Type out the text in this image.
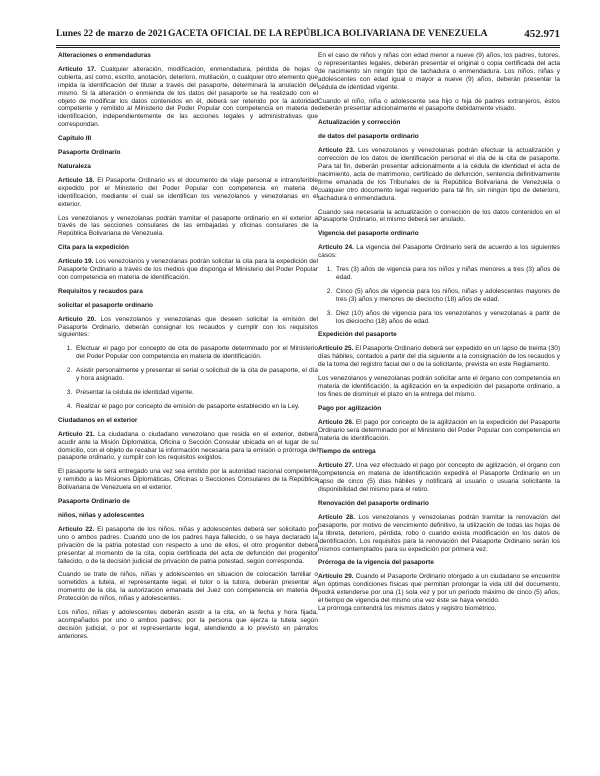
Lunes 22 de marzo de 2021 GACETA OFICIAL DE LA REPÚBLICA BOLIVARIANA DE VENEZUELA	452.971

Alteraciones o enmendaduras

Artículo 17. Cualquier alteración, modificación, enmendadura, pérdida de hojas o cubierta, así como, escrito, anotación, deterioro, mutilación, o cualquier otro elemento que impida la identificación del titular a través del pasaporte, determinará la anulación del mismo. Si la alteración o enmienda de los datos del pasaporte se ha realizado con el objeto de modificar los datos contenidos en él, deberá ser retenido por la autoridad competente y remitido al Ministerio del Poder Popular con competencia en materia de identificación, independientemente de las acciones legales y administrativas que correspondan.

Capítulo III

Pasaporte Ordinario

Naturaleza

Artículo 18. El Pasaporte Ordinario es el documento de viaje personal e intransferible expedido por el Ministerio del Poder Popular con competencia en materia de identificación, mediante el cual se identifican los venezolanos y venezolanas en el exterior.

Los venezolanos y venezolanas podrán tramitar el pasaporte ordinario en el exterior a través de las secciones consulares de las embajadas y oficinas consulares de la República Bolivariana de Venezuela.

Cita para la expedición

Artículo 19. Los venezolanos y venezolanas podrán solicitar la cita para la expedición del Pasaporte Ordinario a través de los medios que disponga el Ministerio del Poder Popular con competencia en materia de identificación.

Requisitos y recaudos para

solicitar el pasaporte ordinario

Artículo 20. Los venezolanos y venezolanas que deseen solicitar la emisión del Pasaporte Ordinario, deberán consignar los recaudos y cumplir con los requisitos siguientes:

1. Efectuar el pago por concepto de cita de pasaporte determinado por el Ministerio del Poder Popular con competencia en materia de identificación.
2. Asistir personalmente y presentar el serial o solicitud de la cita de pasaporte, el día y hora asignado.
3. Presentar la cédula de identidad vigente.
4. Realizar el pago por concepto de emisión de pasaporte establecido en la Ley.

Ciudadanos en el exterior

Artículo 21. La ciudadana o ciudadano venezolano que resida en el exterior, deberá acudir ante la Misión Diplomática, Oficina o Sección Consular ubicada en el lugar de su domicilio, con el objeto de recabar la información necesaria para la emisión o prórroga del pasaporte ordinario, y cumplir con los requisitos exigidos.

El pasaporte le será entregado una vez sea emitido por la autoridad nacional competente y remitido a las Misiones Diplomáticas, Oficinas o Secciones Consulares de la República Bolivariana de Venezuela en el exterior.

Pasaporte Ordinario de

niños, niñas y adolescentes

Artículo 22. El pasaporte de los niños, niñas y adolescentes deberá ser solicitado por uno o ambos padres. Cuando uno de los padres haya fallecido, o se haya declarado la privación de la patria potestad con respecto a uno de ellos, el otro progenitor deberá presentar al momento de la cita, copia certificada del acta de defunción del progenitor fallecido, o de la decisión judicial de privación de patria potestad, según corresponda.

Cuando se trate de niños, niñas y adolescentes en situación de colocación familiar o sometidos a tutela, el representante legal, el tutor o la tutora, deberán presentar al momento de la cita, la autorización emanada del Juez con competencia en materia de Protección de niños, niñas y adolescentes.

Los niños, niñas y adolescentes deberán asistir a la cita, en la fecha y hora fijada, acompañados por uno o ambos padres; por la persona que ejerza la tutela según decisión judicial, o por el representante legal, atendiendo a lo previsto en párrafos anteriores.

En el caso de niños y niñas con edad menor a nueve (9) años, los padres, tutores, o representantes legales, deberán presentar el original o copia certificada del acta de nacimiento sin ningún tipo de tachadura o enmendadura. Los niños, niñas y adolescentes con edad igual o mayor a nueve (9) años, deberán presentar la cédula de identidad vigente.

Cuando el niño, niña o adolescente sea hijo o hija de padres extranjeros, éstos deberán presentar adicionalmente el pasaporte debidamente visado.

Actualización y corrección

de datos del pasaporte ordinario

Artículo 23. Los venezolanos y venezolanas podrán efectuar la actualización y corrección de los datos de identificación personal el día de la cita de pasaporte. Para tal fin, deberán presentar adicionalmente a la cédula de identidad el acta de nacimiento, acta de matrimonio, certificado de defunción, sentencia definitivamente firme emanada de los Tribunales de la República Bolivariana de Venezuela o cualquier otro documento legal requerido para tal fin, sin ningún tipo de deterioro, tachadura o enmendadura.

Cuando sea necesaria la actualización o corrección de los datos contenidos en el Pasaporte Ordinario, el mismo deberá ser anulado.

Vigencia del pasaporte ordinario

Artículo 24. La vigencia del Pasaporte Ordinario será de acuerdo a los siguientes casos:

1. Tres (3) años de vigencia para los niños y niñas menores a tres (3) años de edad.
2. Cinco (5) años de vigencia para los niños, niñas y adolescentes mayores de tres (3) años y menores de dieciocho (18) años de edad.
3. Diez (10) años de vigencia para los venezolanos y venezolanas a partir de los dieciocho (18) años de edad.

Expedición del pasaporte

Artículo 25. El Pasaporte Ordinario deberá ser expedido en un lapso de treinta (30) días hábiles, contados a partir del día siguiente a la consignación de los recaudos y de la toma del registro facial del o de la solicitante, prevista en este Reglamento.

Los venezolanos y venezolanas podrán solicitar ante el órgano con competencia en materia de identificación, la agilización en la expedición del pasaporte ordinario, a los fines de disminuir el plazo en la entrega del mismo.

Pago por agilización

Artículo 26. El pago por concepto de la agilización en la expedición del Pasaporte Ordinario será determinado por el Ministerio del Poder Popular con competencia en materia de identificación.

Tiempo de entrega

Artículo 27. Una vez efectuado el pago por concepto de agilización, el órgano con competencia en materia de identificación expedirá el Pasaporte Ordinario en un lapso de cinco (5) días hábiles y notificará al usuario o usuaria solicitante la disponibilidad del mismo para el retiro.

Renovación del pasaporte ordinario

Artículo 28. Los venezolanos y venezolanas podrán tramitar la renovación del pasaporte, por motivo de vencimiento definitivo, la utilización de todas las hojas de la libreta, deterioro, pérdida, robo o cuando exista modificación en los datos de identificación. Los requisitos para la renovación del Pasaporte Ordinario serán los mismos contemplados para su expedición por primera vez.

Prórroga de la vigencia del pasaporte

Artículo 29. Cuando el Pasaporte Ordinario otorgado a un ciudadano se encuentre en óptimas condiciones físicas que permitan prolongar la vida útil del documento, podrá extenderse por una (1) sola vez y por un período máximo de cinco (5) años, el tiempo de vigencia del mismo una vez éste se haya vencido.

La prórroga contendrá los mismos datos y registro biométrico.
